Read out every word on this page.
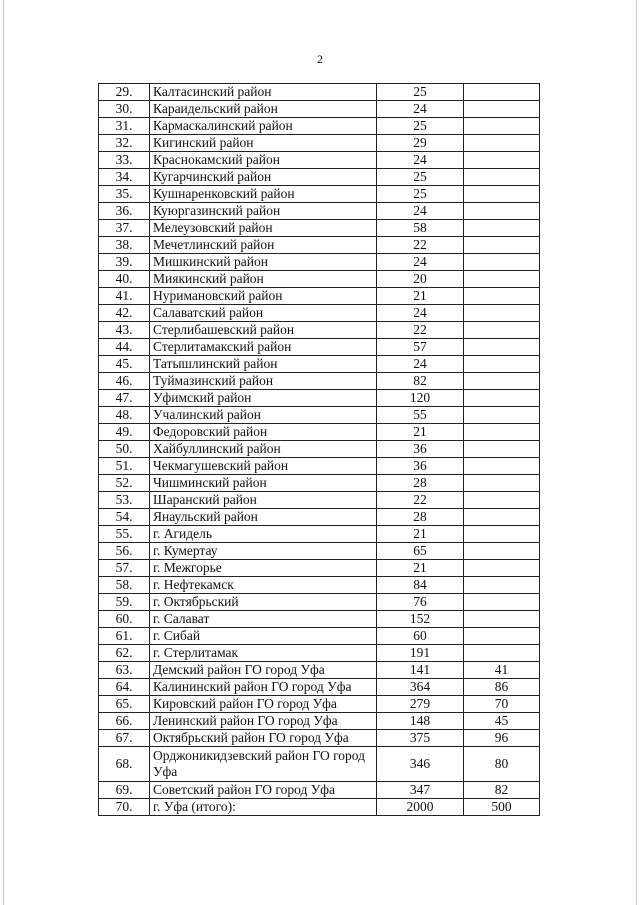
2
29.	Калтасинский район	25	
30.	Караидельский район	24	
31.	Кармаскалинский район	25	
32.	Кигинский район	29	
33.	Краснокамский район	24	
34.	Кугарчинский район	25	
35.	Кушнаренковский район	25	
36.	Куюргазинский район	24	
37.	Мелеузовский район	58	
38.	Мечетлинский район	22	
39.	Мишкинский район	24	
40.	Миякинский район	20	
41.	Нуримановский район	21	
42.	Салаватский район	24	
43.	Стерлибашевский район	22	
44.	Стерлитамакский район	57	
45.	Татышлинский район	24	
46.	Туймазинский район	82	
47.	Уфимский район	120	
48.	Учалинский район	55	
49.	Федоровский район	21	
50.	Хайбуллинский район	36	
51.	Чекмагушевский район	36	
52.	Чишминский район	28	
53.	Шаранский район	22	
54.	Янаульский район	28	
55.	г. Агидель	21	
56.	г. Кумертау	65	
57.	г. Межгорье	21	
58.	г. Нефтекамск	84	
59.	г. Октябрьский	76	
60.	г. Салават	152	
61.	г. Сибай	60	
62.	г. Стерлитамак	191	
63.	Демский район ГО город Уфа	141	41
64.	Калининский район ГО город Уфа	364	86
65.	Кировский район ГО город Уфа	279	70
66.	Ленинский район ГО город Уфа	148	45
67.	Октябрьский район ГО город Уфа	375	96
68.	Орджоникидзевский район ГО город Уфа	346	80
69.	Советский район ГО город Уфа	347	82
70.	г. Уфа (итого):	2000	500
